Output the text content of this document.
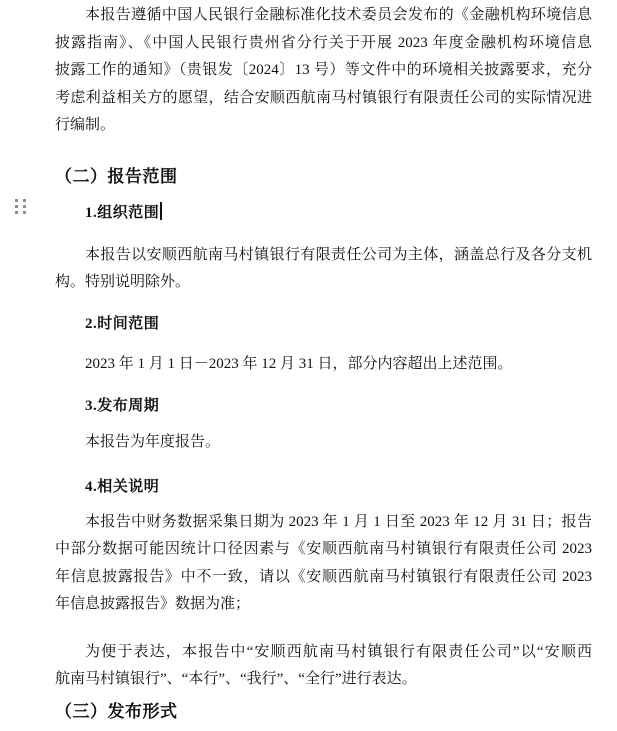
本报告遵循中国人民银行金融标准化技术委员会发布的《金融机构环境信息
披露指南》、《中国人民银行贵州省分行关于开展 2023 年度金融机构环境信息
披露工作的通知》（贵银发〔2024〕13 号）等文件中的环境相关披露要求，充分
考虑利益相关方的愿望，结合安顺西航南马村镇银行有限责任公司的实际情况进
行编制。
（二）报告范围
1.组织范围
本报告以安顺西航南马村镇银行有限责任公司为主体，涵盖总行及各分支机
构。特别说明除外。
2.时间范围
2023 年 1 月 1 日－2023 年 12 月 31 日，部分内容超出上述范围。
3.发布周期
本报告为年度报告。
4.相关说明
本报告中财务数据采集日期为 2023 年 1 月 1 日至 2023 年 12 月 31 日；报告
中部分数据可能因统计口径因素与《安顺西航南马村镇银行有限责任公司 2023
年信息披露报告》中不一致，请以《安顺西航南马村镇银行有限责任公司 2023
年信息披露报告》数据为准；
为便于表达，本报告中“安顺西航南马村镇银行有限责任公司”以“安顺西
航南马村镇银行”、“本行”、“我行”、“全行”进行表达。
（三）发布形式
